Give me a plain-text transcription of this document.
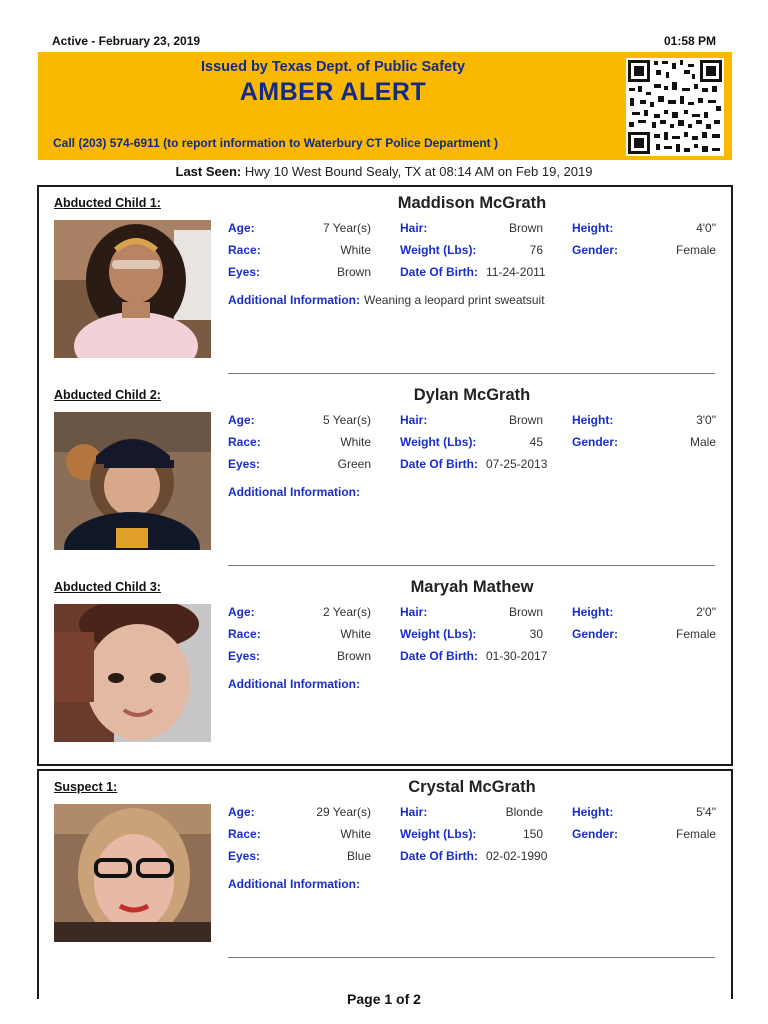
Active - February 23, 2019	01:58 PM
Issued by Texas Dept. of Public Safety
AMBER ALERT
Call (203) 574-6911 (to report information to Waterbury CT Police Department )
Last Seen: Hwy 10 West Bound Sealy, TX at 08:14 AM on Feb 19, 2019
Abducted Child 1:	Maddison McGrath
Age:	7 Year(s) Hair:	Brown Height:	4'0"
Race:	White Weight (Lbs):	76 Gender:	Female
Eyes:	Brown Date Of Birth: 11-24-2011
Additional Information: Weaning a leopard print sweatsuit
Abducted Child 2:	Dylan McGrath
Age:	5 Year(s) Hair:	Brown Height:	3'0"
Race:	White Weight (Lbs):	45 Gender:	Male
Eyes:	Green Date Of Birth: 07-25-2013
Additional Information:
Abducted Child 3:	Maryah Mathew
Age:	2 Year(s) Hair:	Brown Height:	2'0"
Race:	White Weight (Lbs):	30 Gender:	Female
Eyes:	Brown Date Of Birth: 01-30-2017
Additional Information:
Suspect 1:	Crystal McGrath
Age:	29 Year(s) Hair:	Blonde Height:	5'4"
Race:	White Weight (Lbs):	150 Gender:	Female
Eyes:	Blue Date Of Birth: 02-02-1990
Additional Information:
Page 1 of 2
